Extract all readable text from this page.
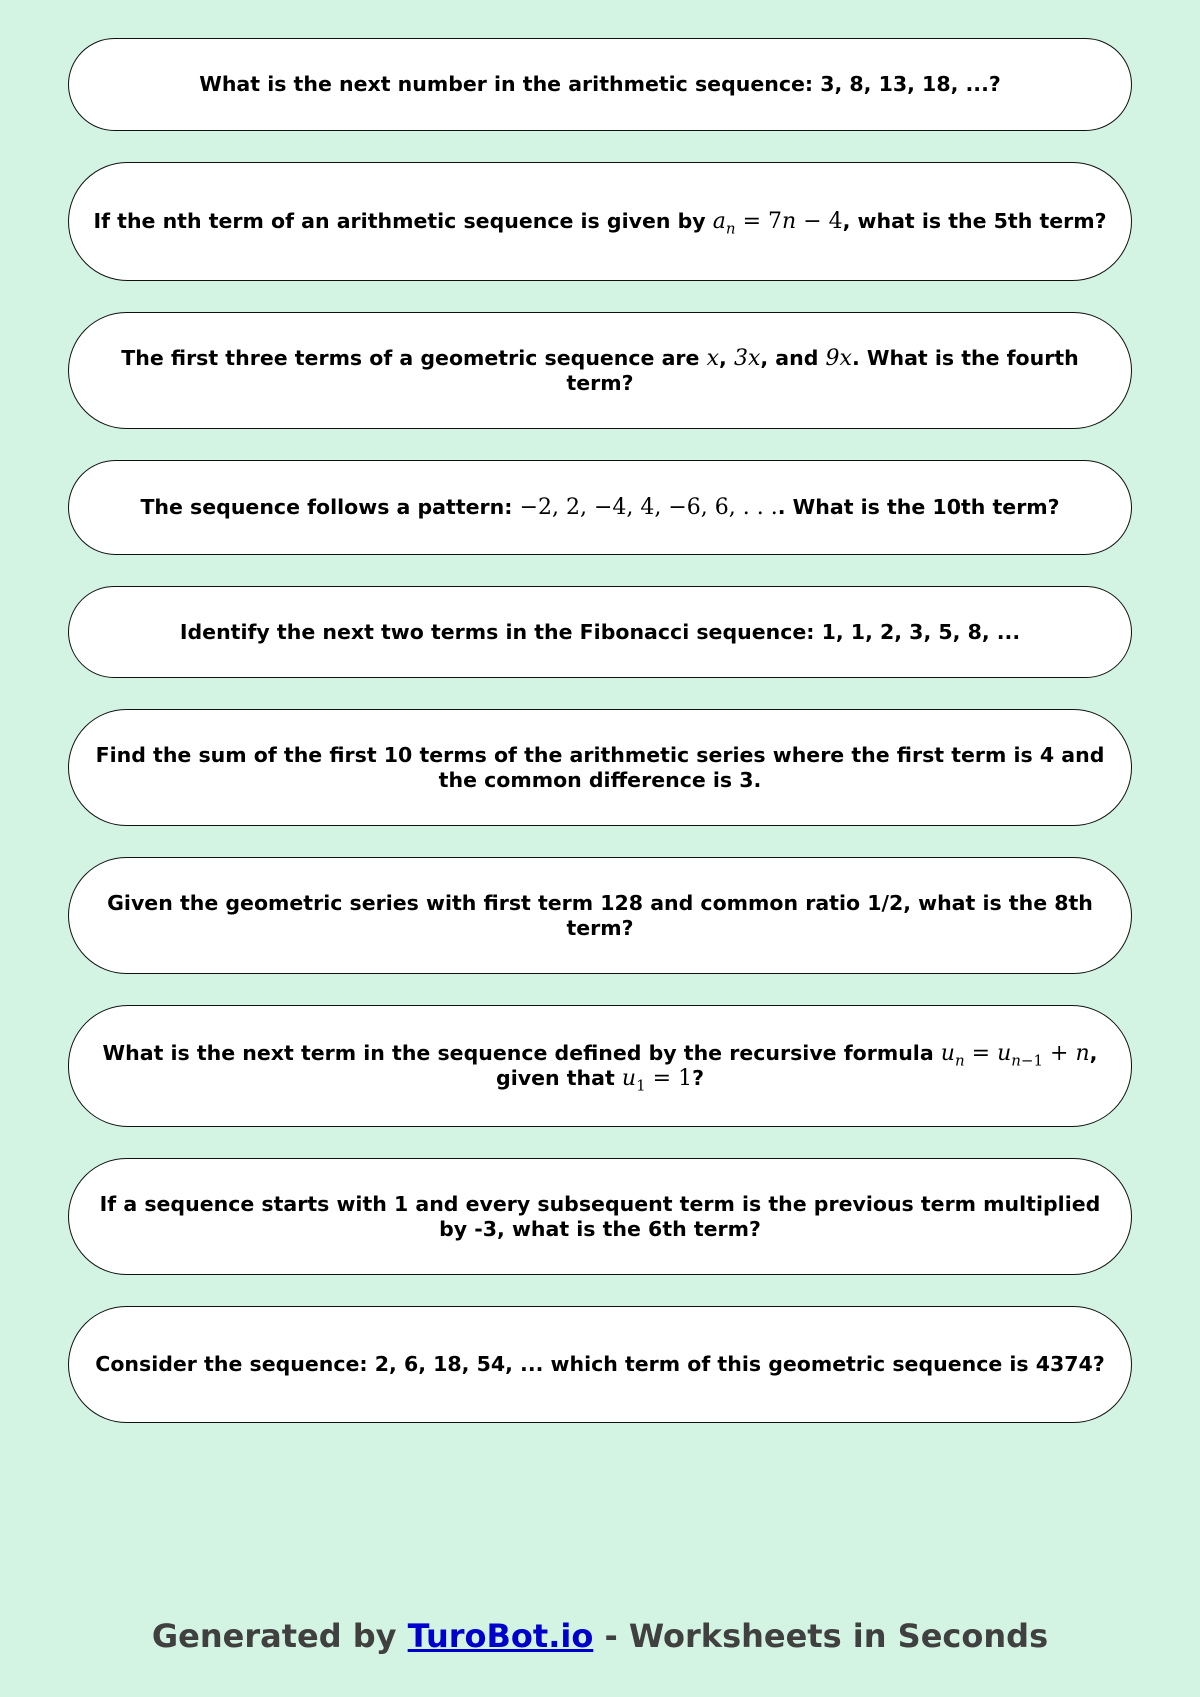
What is the next number in the arithmetic sequence: 3, 8, 13, 18, ...?
If the nth term of an arithmetic sequence is given by $a_n = 7n - 4$, what is the 5th term?
The first three terms of a geometric sequence are x, 3x, and 9x. What is the fourth term?
The sequence follows a pattern: −2, 2, −4, 4, −6, 6, . . .. What is the 10th term?
Identify the next two terms in the Fibonacci sequence: 1, 1, 2, 3, 5, 8, ...
Find the sum of the first 10 terms of the arithmetic series where the first term is 4 and the common difference is 3.
Given the geometric series with first term 128 and common ratio 1/2, what is the 8th term?
What is the next term in the sequence defined by the recursive formula $u_n = u_{n-1} + n$, given that $u_1 = 1$?
If a sequence starts with 1 and every subsequent term is the previous term multiplied by -3, what is the 6th term?
Consider the sequence: 2, 6, 18, 54, ... which term of this geometric sequence is 4374?
Generated by TuroBot.io - Worksheets in Seconds
